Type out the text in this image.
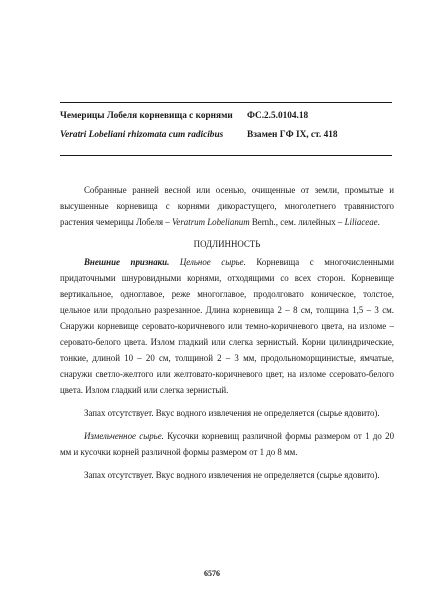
Чемерицы Лобеля корневища с корнями
Veratri Lobeliani rhizomata cum radicibus
ФС.2.5.0104.18
Взамен ГФ IX, ст. 418

Собранные ранней весной или осенью, очищенные от земли, промытые и высушенные корневища с корнями дикорастущего, многолетнего травянистого растения чемерицы Лобеля – Veratrum Lobelianum Bernh., сем. лилейных – Liliaceae.

ПОДЛИННОСТЬ

Внешние признаки. Цельное сырье. Корневища с многочисленными придаточными шнуровидными корнями, отходящими со всех сторон. Корневище вертикальное, одноглавое, реже многоглавое, продолговато коническое, толстое, цельное или продольно разрезанное. Длина корневища 2 – 8 см, толщина 1,5 – 3 см. Снаружи корневище серовато-коричневого или темно-коричневого цвета, на изломе – серовато-белого цвета. Излом гладкий или слегка зернистый. Корни цилиндрические, тонкие, длиной 10 – 20 см, толщиной 2 – 3 мм, продольноморщинистые, ямчатые, снаружи светло-желтого или желтовато-коричневого цвет, на изломе ссеровато-белого цвета. Излом гладкий или слегка зернистый.

Запах отсутствует. Вкус водного извлечения не определяется (сырье ядовито).

Измельченное сырье. Кусочки корневищ различной формы размером от 1 до 20 мм и кусочки корней различной формы размером от 1 до 8 мм.

Запах отсутствует. Вкус водного извлечения не определяется (сырье ядовито).

6576
